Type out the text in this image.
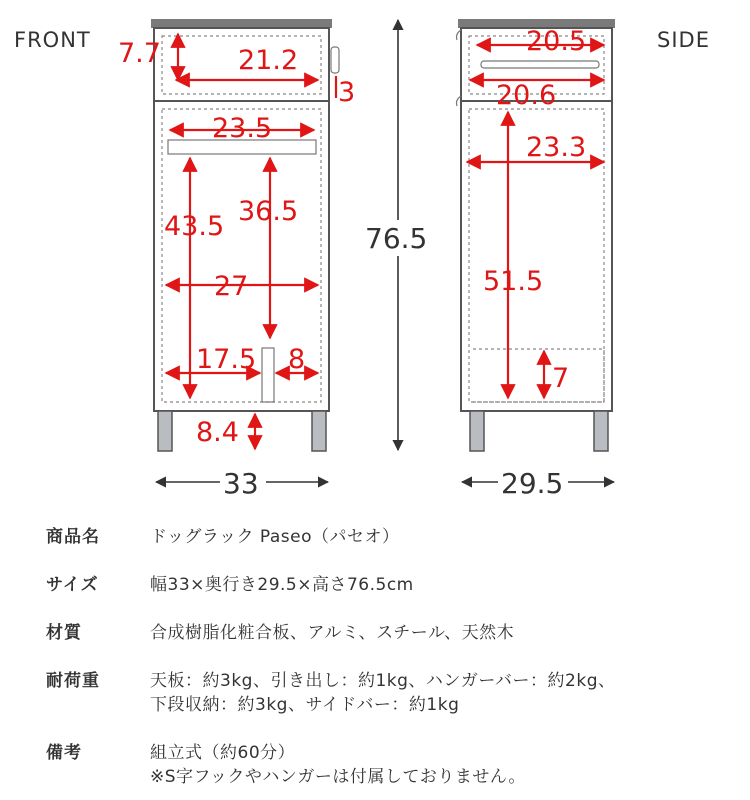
FRONT	SIDE
7.7	21.2
3
23.5
43.5 36.5
27
17.5 8
8.4
33
76.5
20.5
20.6
23.3
51.5
7
29.5
商品名	ドッグラック Paseo（パセオ）
サイズ	幅33×奥行き29.5×高さ76.5cm
材質	合成樹脂化粧合板、アルミ、スチール、天然木
耐荷重	天板：約3kg、引き出し：約1kg、ハンガーバー：約2kg、
下段収納：約3kg、サイドバー：約1kg
備考	組立式（約60分）
※S字フックやハンガーは付属しておりません。
